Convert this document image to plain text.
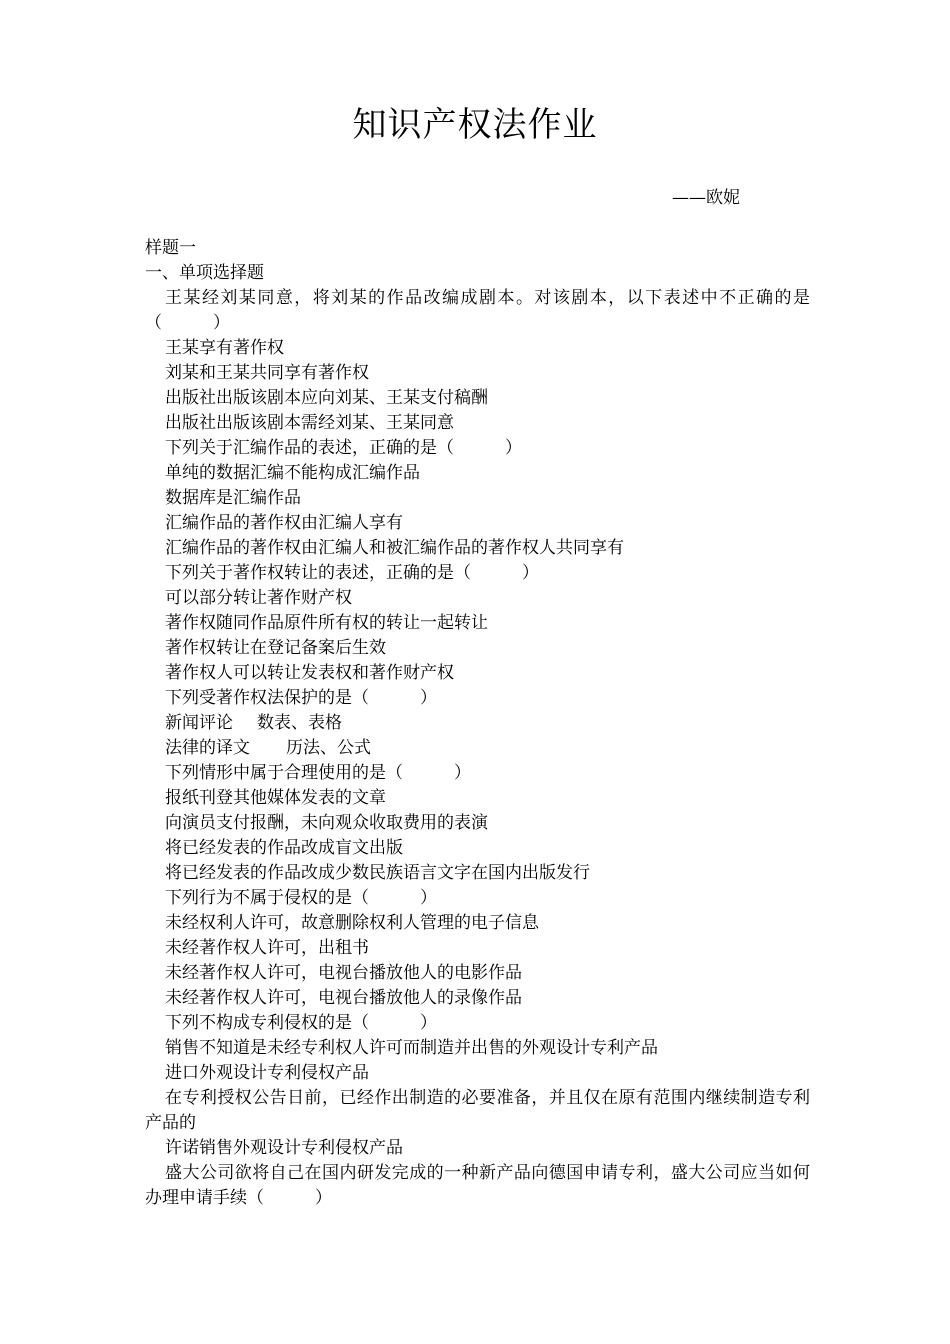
知识产权法作业
——欧妮
样题一
一、单项选择题
王某经刘某同意，将刘某的作品改编成剧本。对该剧本，以下表述中不正确的是（　　　）
王某享有著作权
刘某和王某共同享有著作权
出版社出版该剧本应向刘某、王某支付稿酬
出版社出版该剧本需经刘某、王某同意
下列关于汇编作品的表述，正确的是（　　　）
单纯的数据汇编不能构成汇编作品
数据库是汇编作品
汇编作品的著作权由汇编人享有
汇编作品的著作权由汇编人和被汇编作品的著作权人共同享有
下列关于著作权转让的表述，正确的是（　　　）
可以部分转让著作财产权
著作权随同作品原件所有权的转让一起转让
著作权转让在登记备案后生效
著作权人可以转让发表权和著作财产权
下列受著作权法保护的是（　　　）
新闻评论 数表、表格
法律的译文 历法、公式
下列情形中属于合理使用的是（　　　）
报纸刊登其他媒体发表的文章
向演员支付报酬，未向观众收取费用的表演
将已经发表的作品改成盲文出版
将已经发表的作品改成少数民族语言文字在国内出版发行
下列行为不属于侵权的是（　　　）
未经权利人许可，故意删除权利人管理的电子信息
未经著作权人许可，出租书
未经著作权人许可，电视台播放他人的电影作品
未经著作权人许可，电视台播放他人的录像作品
下列不构成专利侵权的是（　　　）
销售不知道是未经专利权人许可而制造并出售的外观设计专利产品
进口外观设计专利侵权产品
在专利授权公告日前，已经作出制造的必要准备，并且仅在原有范围内继续制造专利产品的
许诺销售外观设计专利侵权产品
盛大公司欲将自己在国内研发完成的一种新产品向德国申请专利，盛大公司应当如何办理申请手续（　　　）
